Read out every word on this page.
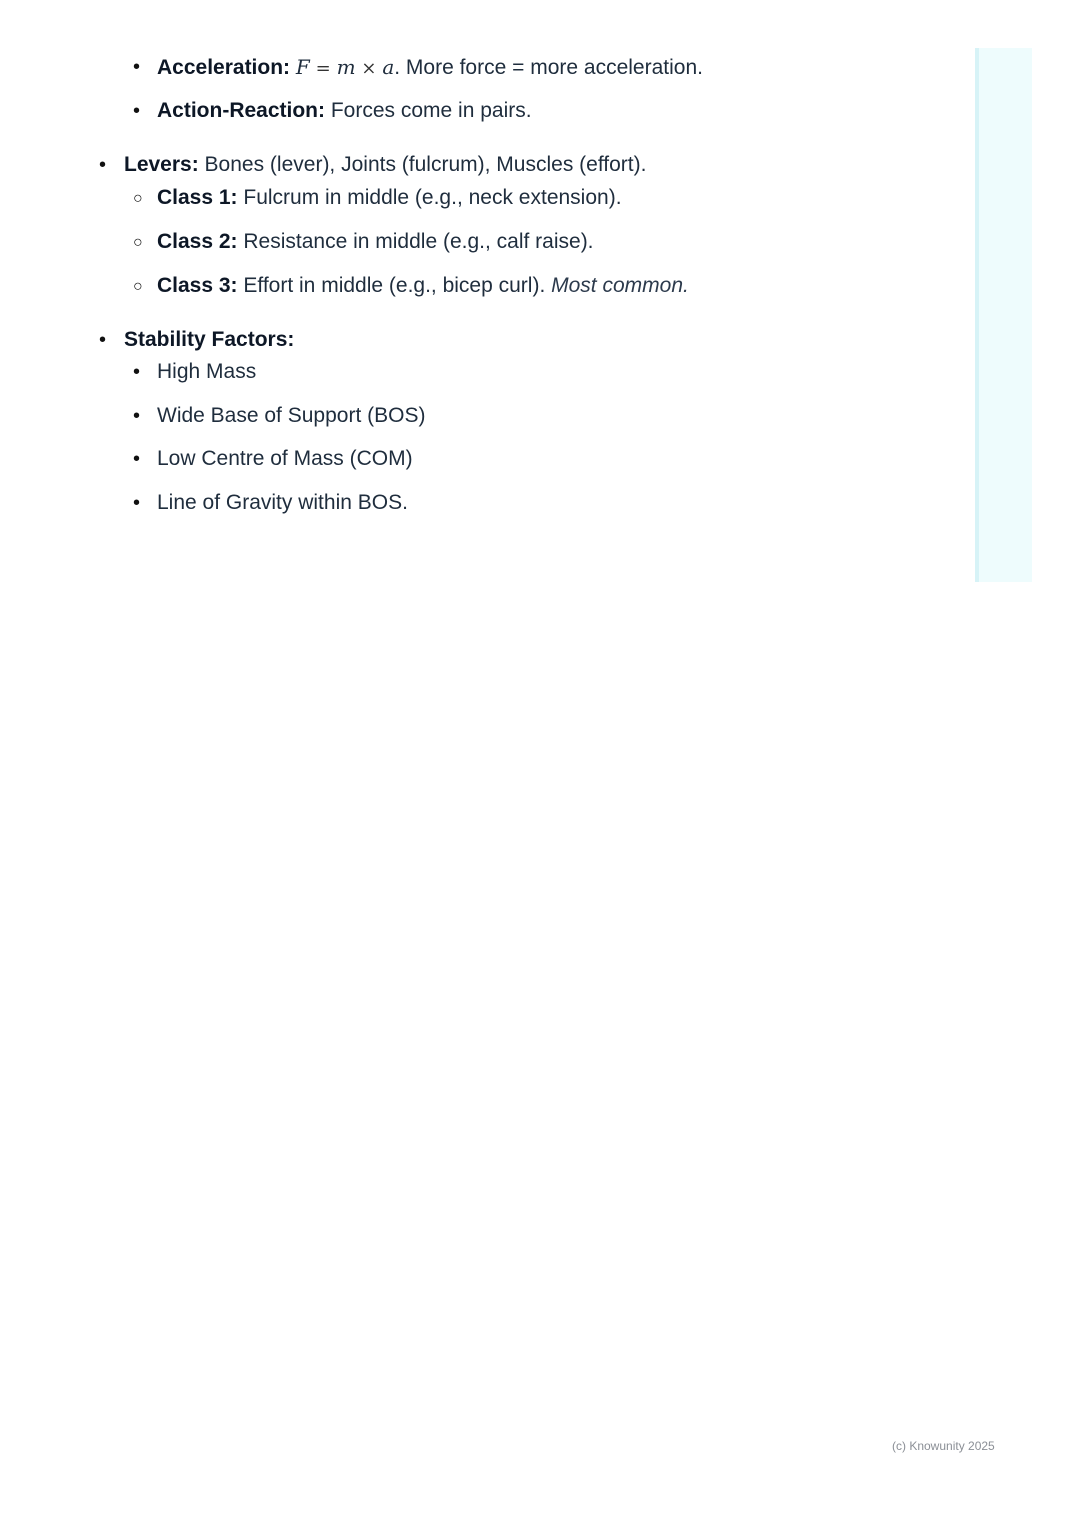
• Acceleration: F = m × a. More force = more acceleration.
• Action-Reaction: Forces come in pairs.
• Levers: Bones (lever), Joints (fulcrum), Muscles (effort).
○ Class 1: Fulcrum in middle (e.g., neck extension).
○ Class 2: Resistance in middle (e.g., calf raise).
○ Class 3: Effort in middle (e.g., bicep curl). Most common.
• Stability Factors:
• High Mass
• Wide Base of Support (BOS)
• Low Centre of Mass (COM)
• Line of Gravity within BOS.
(c) Knowunity 2025
